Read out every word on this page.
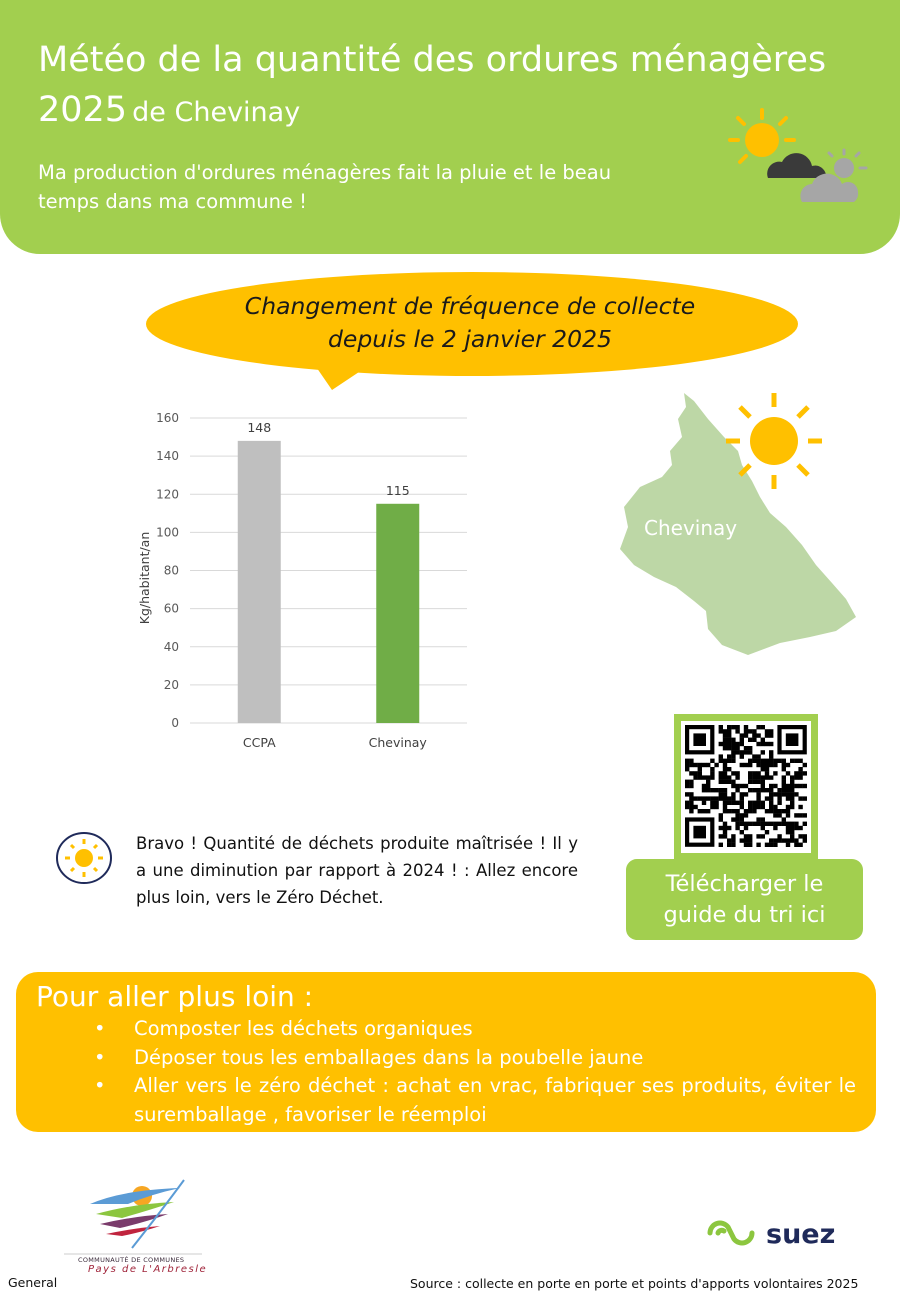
Météo de la quantité des ordures ménagères
2025 de Chevinay
Ma production d'ordures ménagères fait la pluie et le beau temps dans ma commune !
Changement de fréquence de collecte depuis le 2 janvier 2025
0
20
40
60
80
100
120
140
160
148
115
CCPA	Chevinay
Kg/habitant/an
Chevinay
Télécharger le guide du tri ici
Bravo ! Quantité de déchets produite maîtrisée ! Il y a une diminution par rapport à 2024 ! : Allez encore plus loin, vers le Zéro Déchet.
Pour aller plus loin :
• Composter les déchets organiques
• Déposer tous les emballages dans la poubelle jaune
• Aller vers le zéro déchet : achat en vrac, fabriquer ses produits, éviter le suremballage , favoriser le réemploi
COMMUNAUTÉ DE COMMUNES
Pays de L'Arbresle
suez
General	Source : collecte en porte en porte et points d'apports volontaires 2025
